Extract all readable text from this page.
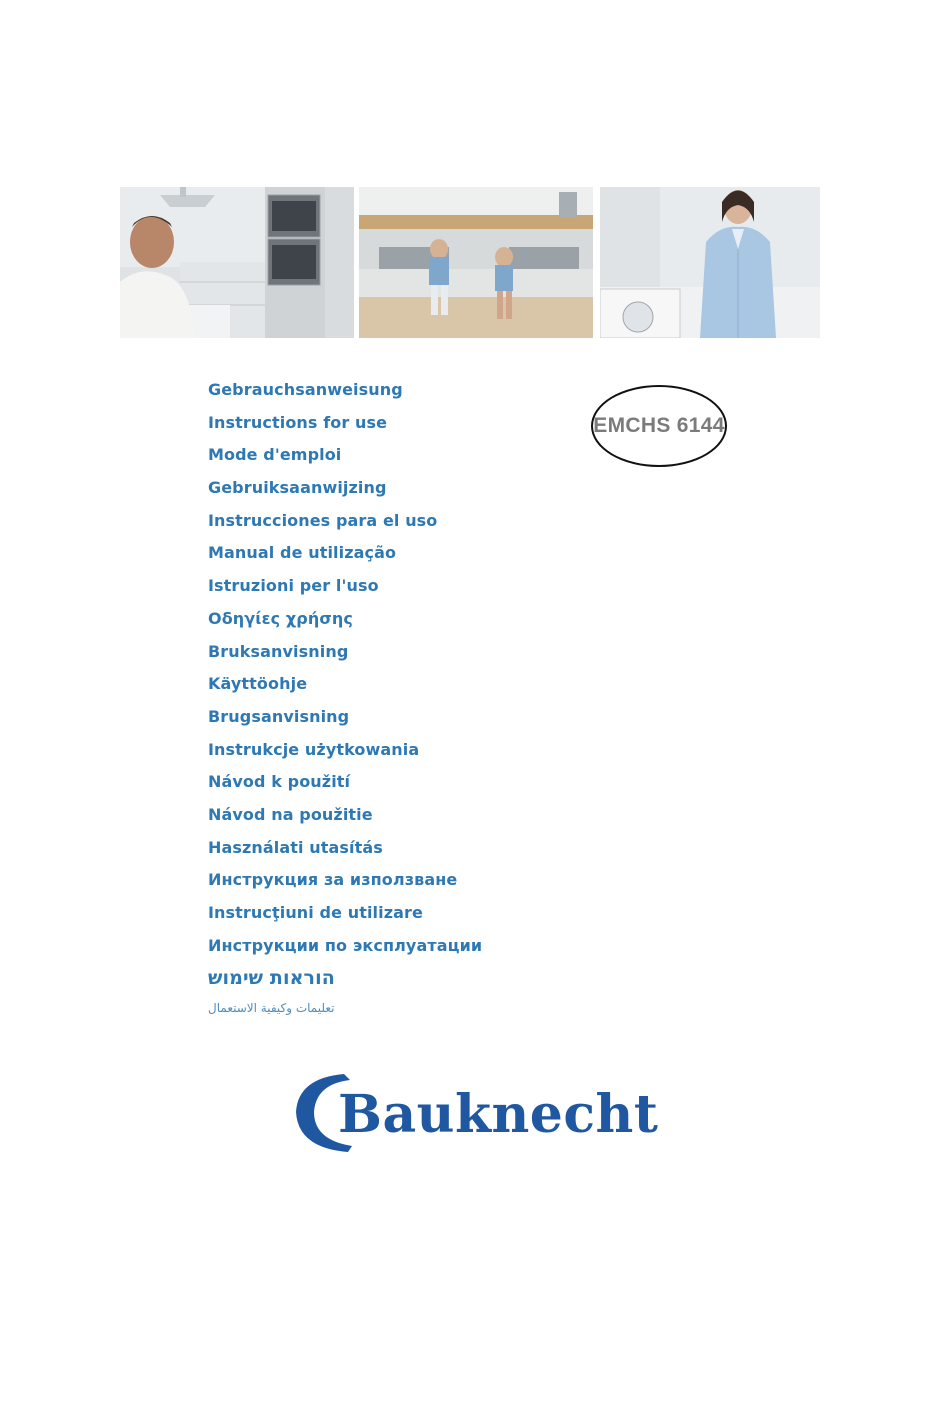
Gebrauchsanweisung
Instructions for use
Mode d'emploi
Gebruiksaanwijzing
Instrucciones para el uso
Manual de utilização
Istruzioni per l'uso
Οδηγίες χρήσης
Bruksanvisning
Käyttöohje
Brugsanvisning
Instrukcje użytkowania
Návod k použití
Návod na použitie
Használati utasítás
Инструкция за използване
Instrucţiuni de utilizare
Инструкции по эксплуатации
הוראות שימוש
تعليمات وكيفية الاستعمال
EMCHS 6144
Bauknecht
